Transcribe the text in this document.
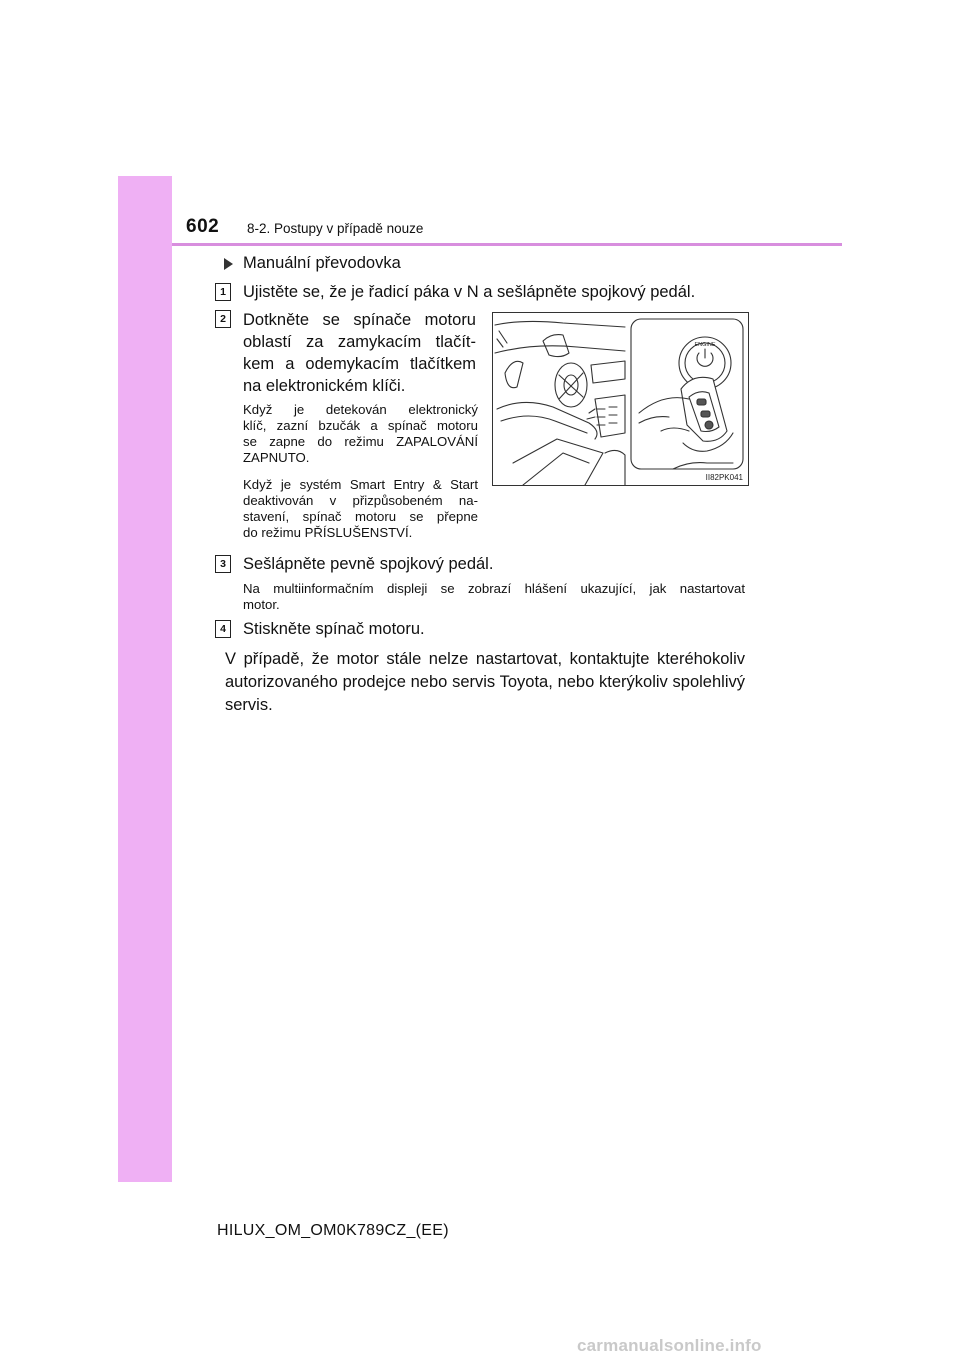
602 8-2. Postupy v případě nouze
Manuální převodovka
1	Ujistěte se, že je řadicí páka v N a sešlápněte spojkový pedál.
2	Dotkněte se spínače motoru
oblastí za zamykacím tlačít-
kem a odemykacím tlačítkem
na elektronickém klíči.
Když je detekován elektronický
klíč, zazní bzučák a spínač motoru
se zapne do režimu ZAPALOVÁNÍ
ZAPNUTO.
Když je systém Smart Entry & Start
deaktivován v přizpůsobeném na-
stavení, spínač motoru se přepne
do režimu PŘÍSLUŠENSTVÍ.
ENGINE
II82PK041
3	Sešlápněte pevně spojkový pedál.
Na multiinformačním displeji se zobrazí hlášení ukazující, jak nastartovat
motor.
4	Stiskněte spínač motoru.
V případě, že motor stále nelze nastartovat, kontaktujte kteréhokoliv
autorizovaného prodejce nebo servis Toyota, nebo kterýkoliv spolehlivý
servis.
HILUX_OM_OM0K789CZ_(EE)
carmanualsonline.info
